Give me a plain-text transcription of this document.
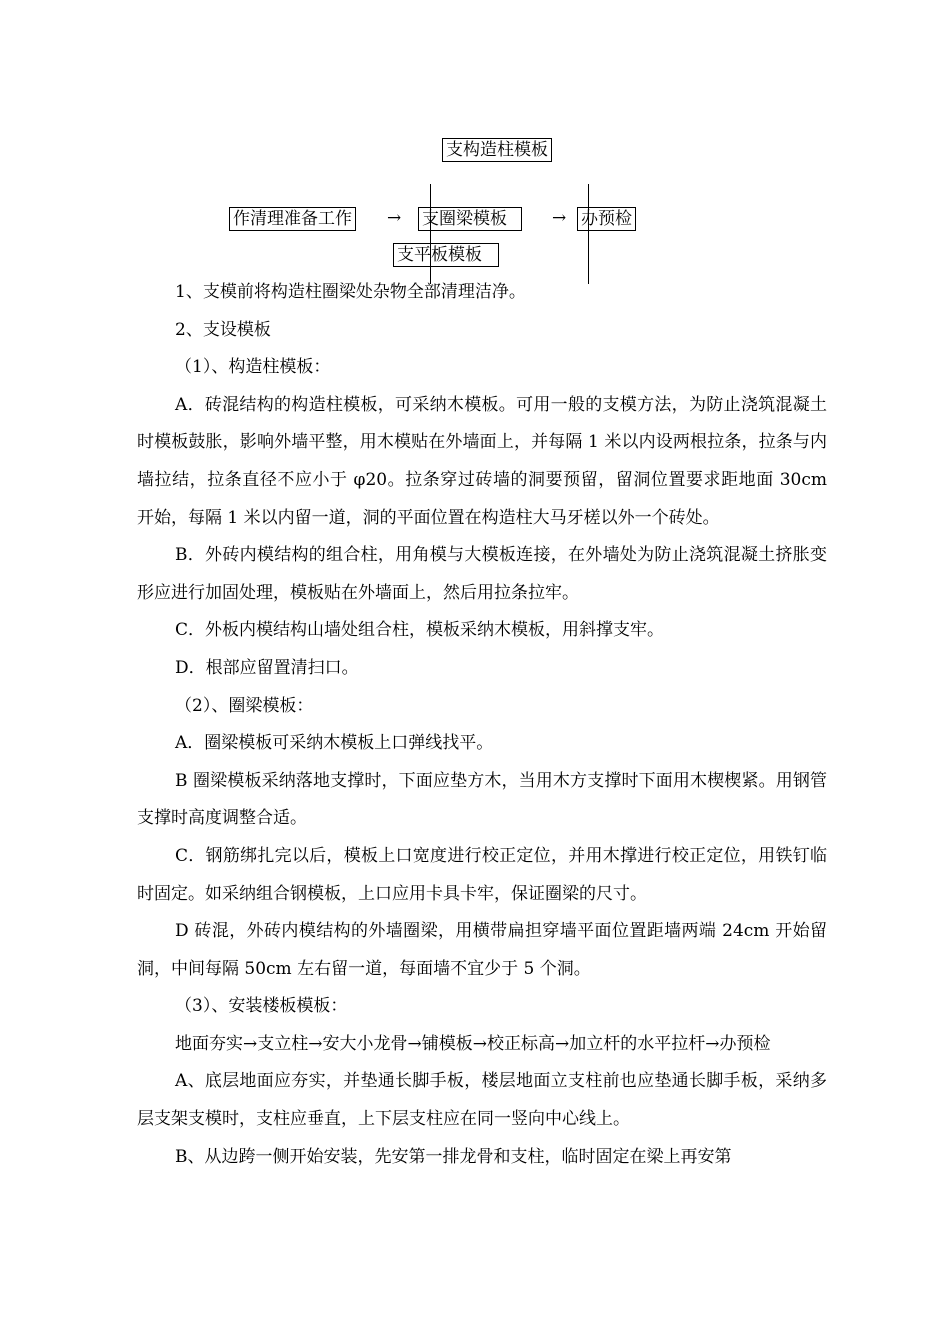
支构造柱模板
作清理准备工作 → 支圈梁模板	→ 办预检
支平板模板

1、支模前将构造柱圈梁处杂物全部清理洁净。

2、支设模板

（1）、构造柱模板：

A．砖混结构的构造柱模板，可采纳木模板。可用一般的支模方法，为防止浇筑混凝土时模板鼓胀，影响外墙平整，用木模贴在外墙面上，并每隔 1 米以内设两根拉条，拉条与内墙拉结，拉条直径不应小于 φ20。拉条穿过砖墙的洞要预留，留洞位置要求距地面 30cm 开始，每隔 1 米以内留一道，洞的平面位置在构造柱大马牙槎以外一个砖处。

B．外砖内模结构的组合柱，用角模与大模板连接，在外墙处为防止浇筑混凝土挤胀变形应进行加固处理，模板贴在外墙面上，然后用拉条拉牢。

C．外板内模结构山墙处组合柱，模板采纳木模板，用斜撑支牢。

D．根部应留置清扫口。

（2）、圈梁模板：

A．圈梁模板可采纳木模板上口弹线找平。

B 圈梁模板采纳落地支撑时，下面应垫方木，当用木方支撑时下面用木楔楔紧。用钢管支撑时高度调整合适。

C．钢筋绑扎完以后，模板上口宽度进行校正定位，并用木撑进行校正定位，用铁钉临时固定。如采纳组合钢模板，上口应用卡具卡牢，保证圈梁的尺寸。

D 砖混，外砖内模结构的外墙圈梁，用横带扁担穿墙平面位置距墙两端 24cm 开始留洞，中间每隔 50cm 左右留一道，每面墙不宜少于 5 个洞。

（3）、安装楼板模板：

地面夯实→支立柱→安大小龙骨→铺模板→校正标高→加立杆的水平拉杆→办预检

A、底层地面应夯实，并垫通长脚手板，楼层地面立支柱前也应垫通长脚手板，采纳多层支架支模时，支柱应垂直，上下层支柱应在同一竖向中心线上。

B、从边跨一侧开始安装，先安第一排龙骨和支柱，临时固定在梁上再安第
